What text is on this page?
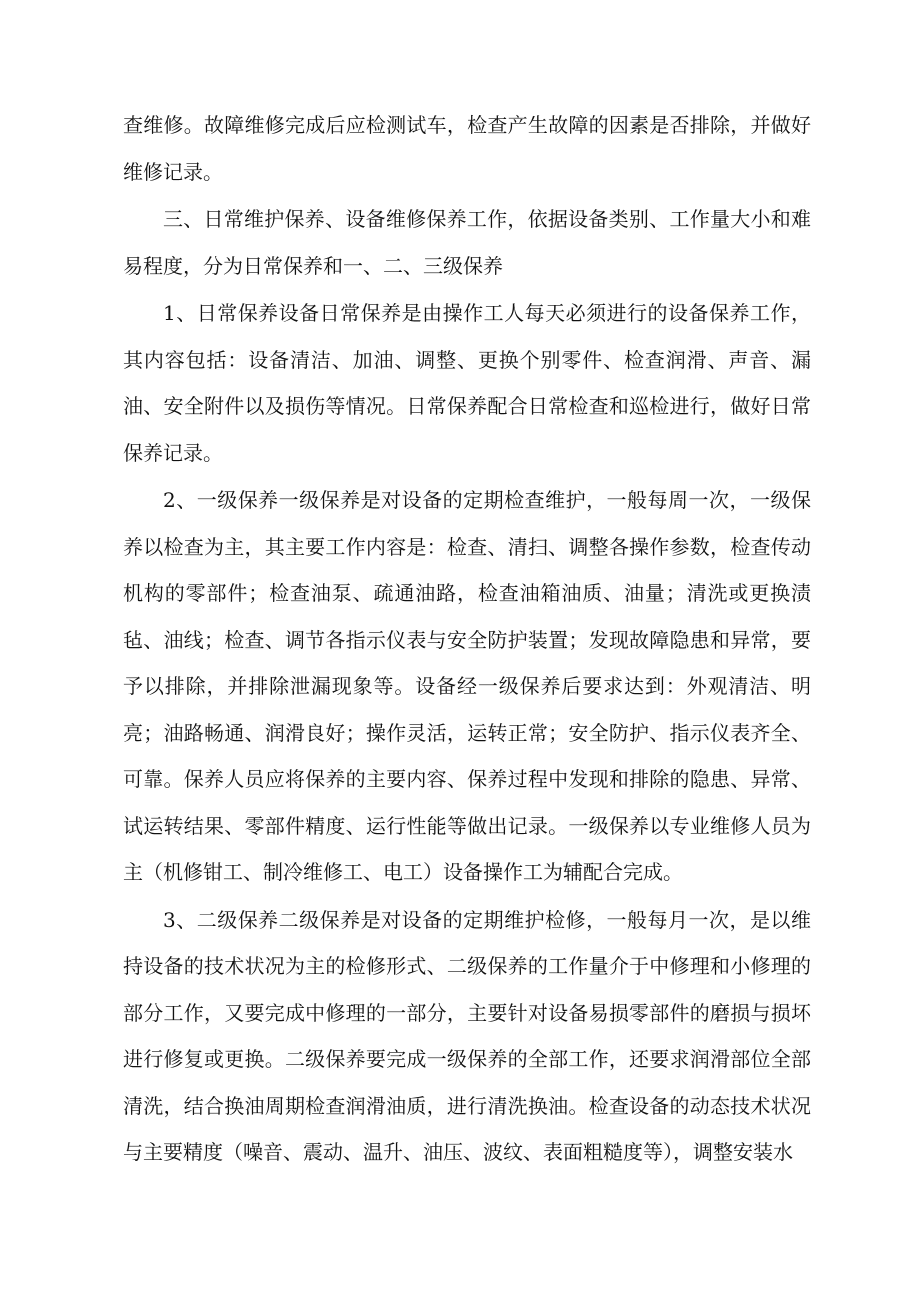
查维修。故障维修完成后应检测试车，检查产生故障的因素是否排除，并做好维修记录。

三、日常维护保养、设备维修保养工作，依据设备类别、工作量大小和难易程度，分为日常保养和一、二、三级保养

1、日常保养设备日常保养是由操作工人每天必须进行的设备保养工作，其内容包括：设备清洁、加油、调整、更换个别零件、检查润滑、声音、漏油、安全附件以及损伤等情况。日常保养配合日常检查和巡检进行，做好日常保养记录。

2、一级保养一级保养是对设备的定期检查维护，一般每周一次，一级保养以检查为主，其主要工作内容是：检查、清扫、调整各操作参数，检查传动机构的零部件；检查油泵、疏通油路，检查油箱油质、油量；清洗或更换渍毡、油线；检查、调节各指示仪表与安全防护装置；发现故障隐患和异常，要予以排除，并排除泄漏现象等。设备经一级保养后要求达到：外观清洁、明亮；油路畅通、润滑良好；操作灵活，运转正常；安全防护、指示仪表齐全、可靠。保养人员应将保养的主要内容、保养过程中发现和排除的隐患、异常、试运转结果、零部件精度、运行性能等做出记录。一级保养以专业维修人员为主（机修钳工、制冷维修工、电工）设备操作工为辅配合完成。

3、二级保养二级保养是对设备的定期维护检修，一般每月一次，是以维持设备的技术状况为主的检修形式、二级保养的工作量介于中修理和小修理的部分工作，又要完成中修理的一部分，主要针对设备易损零部件的磨损与损坏进行修复或更换。二级保养要完成一级保养的全部工作，还要求润滑部位全部清洗，结合换油周期检查润滑油质，进行清洗换油。检查设备的动态技术状况与主要精度（噪音、震动、温升、油压、波纹、表面粗糙度等），调整安装水
